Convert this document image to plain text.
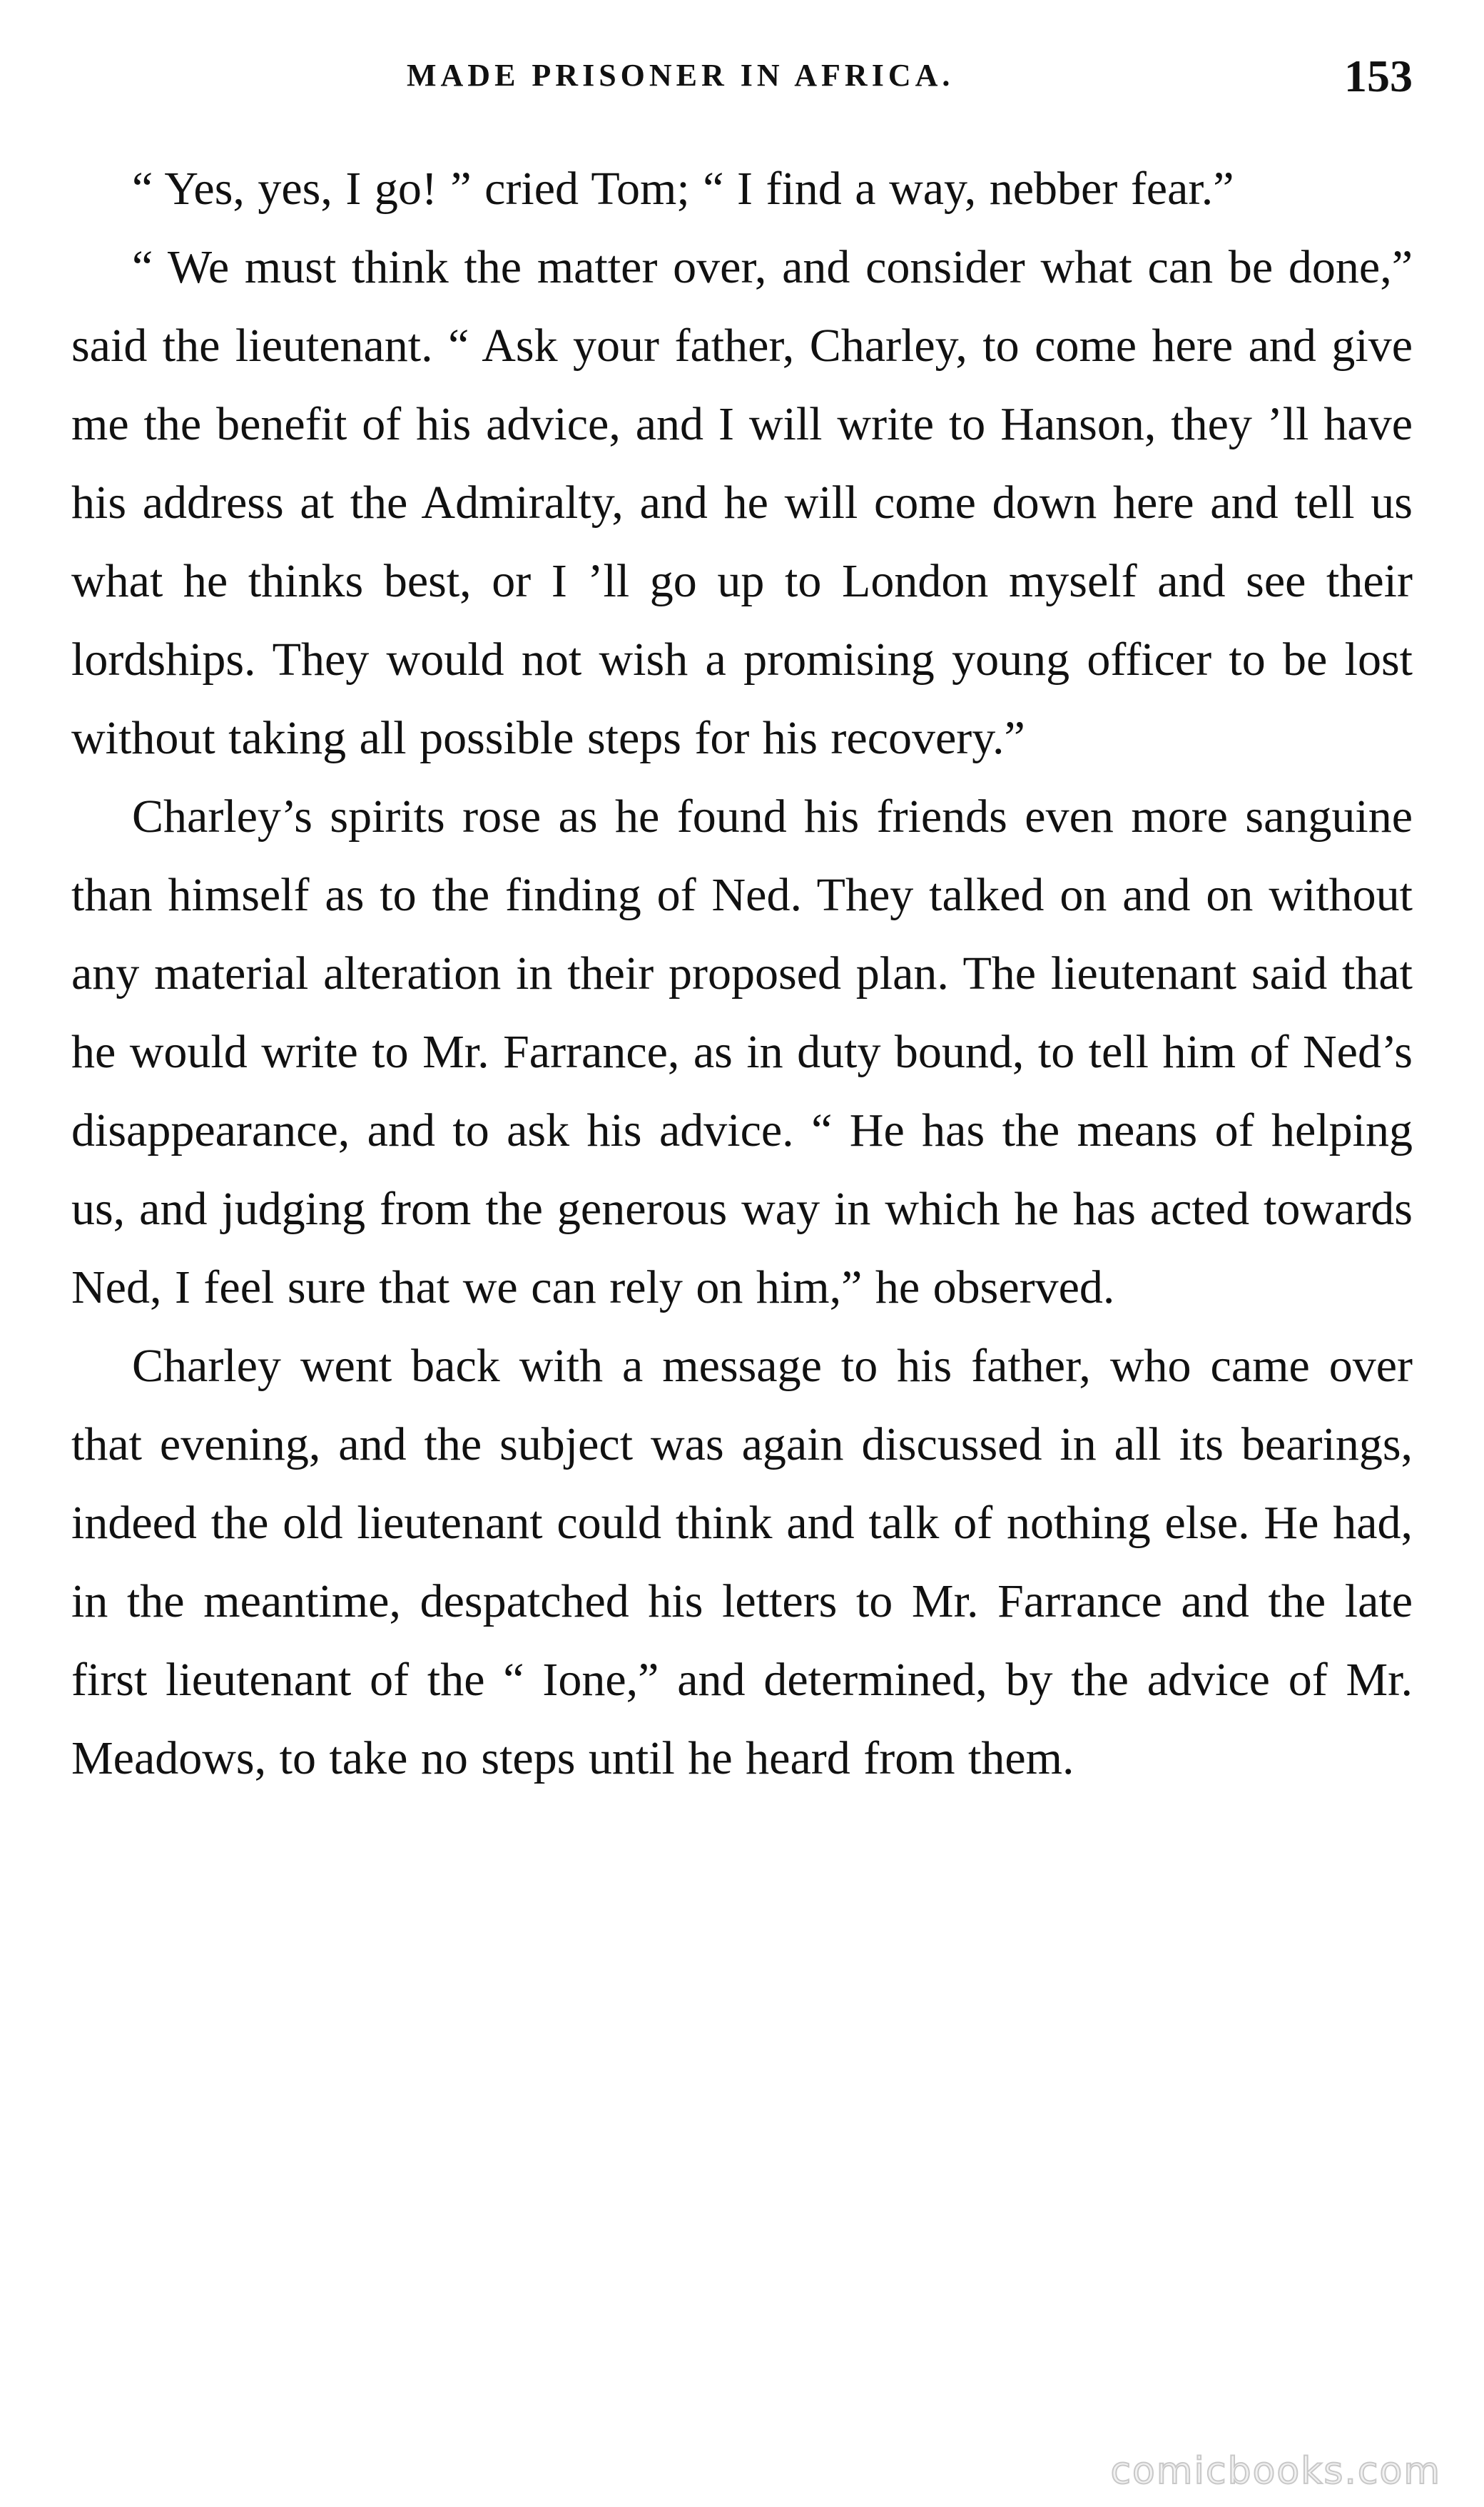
MADE PRISONER IN AFRICA.	153

“ Yes, yes, I go! ” cried Tom; “ I find a way, nebber fear.”

“ We must think the matter over, and consider what can be done,” said the lieutenant. “ Ask your father, Charley, to come here and give me the benefit of his advice, and I will write to Hanson, they ’ll have his address at the Admiralty, and he will come down here and tell us what he thinks best, or I ’ll go up to London myself and see their lordships. They would not wish a promising young officer to be lost without taking all possible steps for his recovery.”

Charley’s spirits rose as he found his friends even more sanguine than himself as to the finding of Ned. They talked on and on without any material alteration in their proposed plan. The lieutenant said that he would write to Mr. Farrance, as in duty bound, to tell him of Ned’s disappearance, and to ask his advice. “ He has the means of helping us, and judging from the generous way in which he has acted towards Ned, I feel sure that we can rely on him,” he observed.

Charley went back with a message to his father, who came over that evening, and the subject was again discussed in all its bearings, indeed the old lieutenant could think and talk of nothing else. He had, in the meantime, despatched his letters to Mr. Farrance and the late first lieutenant of the “ Ione,” and determined, by the advice of Mr. Meadows, to take no steps until he heard from them.

comicbooks.com
